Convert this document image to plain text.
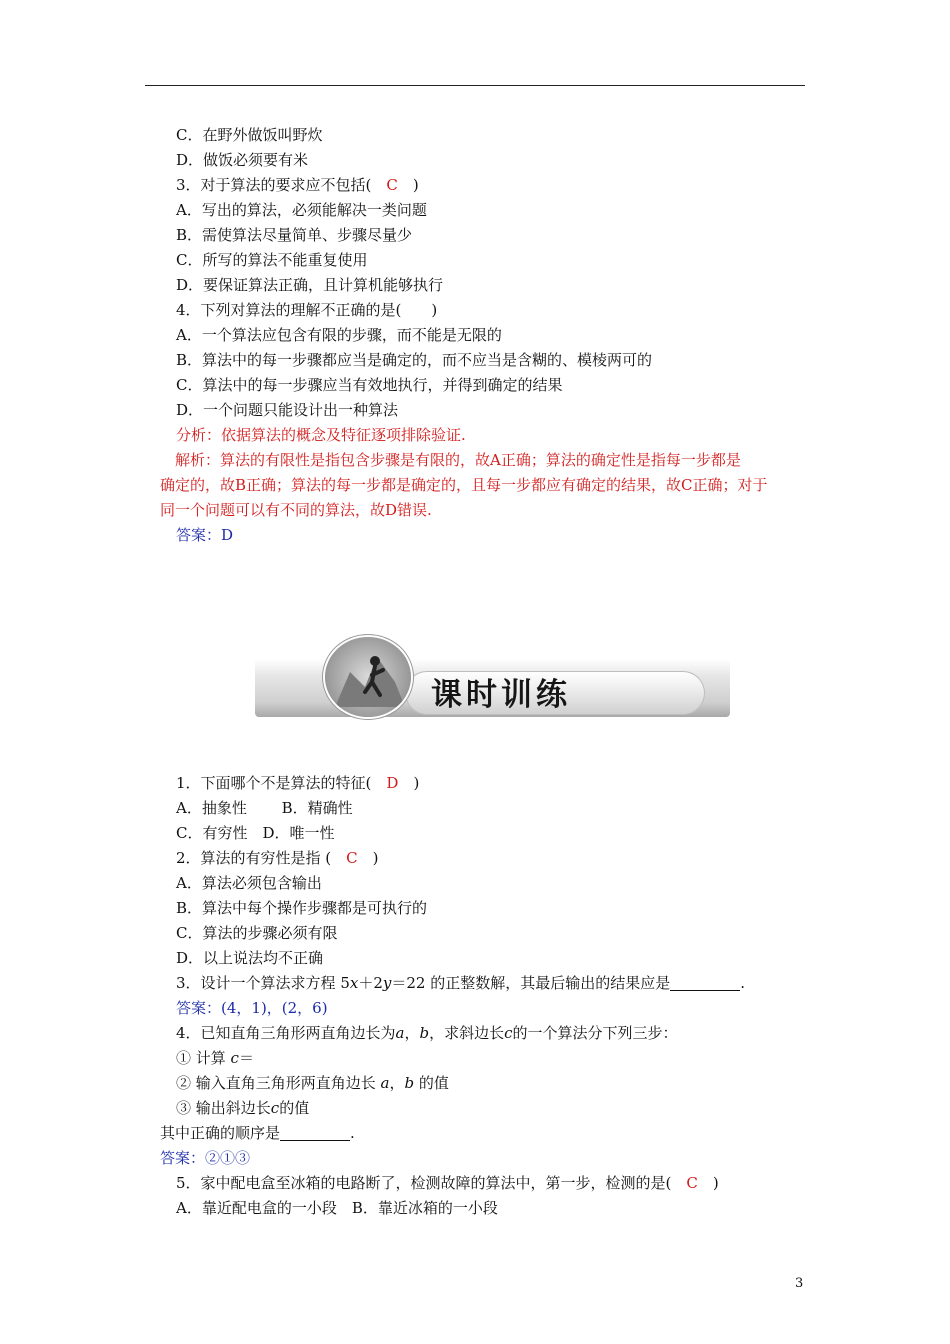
C．在野外做饭叫野炊
D．做饭必须要有米
3．对于算法的要求应不包括(　C　)
A．写出的算法，必须能解决一类问题
B．需使算法尽量简单、步骤尽量少
C．所写的算法不能重复使用
D．要保证算法正确，且计算机能够执行
4．下列对算法的理解不正确的是(　　 )
A．一个算法应包含有限的步骤，而不能是无限的
B．算法中的每一步骤都应当是确定的，而不应当是含糊的、模棱两可的
C．算法中的每一步骤应当有效地执行，并得到确定的结果
D．一个问题只能设计出一种算法
分析：依据算法的概念及特征逐项排除验证.
　解析：算法的有限性是指包含步骤是有限的，故A正确；算法的确定性是指每一步都是
确定的，故B正确；算法的每一步都是确定的，且每一步都应有确定的结果，故C正确；对于
同一个问题可以有不同的算法，故D错误.
答案：D
课时训练
1．下面哪个不是算法的特征(　D　)
A．抽象性　　 B．精确性
C．有穷性　D．唯一性
2．算法的有穷性是指 (　C　)
A．算法必须包含输出
B．算法中每个操作步骤都是可执行的
C．算法的步骤必须有限
D．以上说法均不正确
3．设计一个算法求方程 5x＋2y＝22 的正整数解，其最后输出的结果应是	.
答案：(4，1)，(2，6)
4．已知直角三角形两直角边长为a，b，求斜边长c的一个算法分下列三步：
① 计算 c＝
② 输入直角三角形两直角边长 a，b 的值
③ 输出斜边长c的值
其中正确的顺序是	.
答案：②①③
5．家中配电盒至冰箱的电路断了，检测故障的算法中，第一步，检测的是(　C　)
A．靠近配电盒的一小段　B．靠近冰箱的一小段
3
